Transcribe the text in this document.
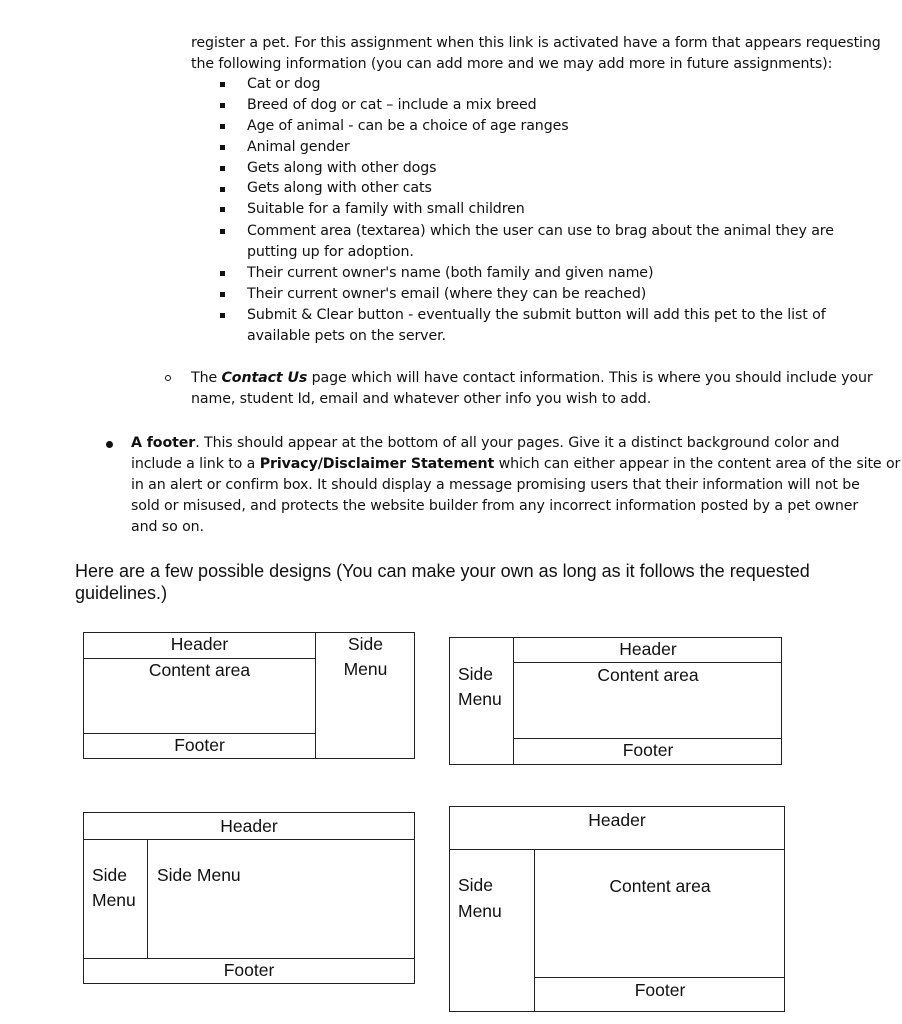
register a pet. For this assignment when this link is activated have a form that appears requesting
the following information (you can add more and we may add more in future assignments):
Cat or dog
Breed of dog or cat – include a mix breed
Age of animal - can be a choice of age ranges
Animal gender
Gets along with other dogs
Gets along with other cats
Suitable for a family with small children
Comment area (textarea) which the user can use to brag about the animal they are
putting up for adoption.
Their current owner's name (both family and given name)
Their current owner's email (where they can be reached)
Submit & Clear button - eventually the submit button will add this pet to the list of
available pets on the server.
The Contact Us page which will have contact information. This is where you should include your
name, student Id, email and whatever other info you wish to add.
A footer. This should appear at the bottom of all your pages. Give it a distinct background color and
include a link to a Privacy/Disclaimer Statement which can either appear in the content area of the site or
in an alert or confirm box. It should display a message promising users that their information will not be
sold or misused, and protects the website builder from any incorrect information posted by a pet owner
and so on.
Here are a few possible designs (You can make your own as long as it follows the requested
guidelines.)
Header
Content area
Footer
Side
Menu
Header
Content area
Footer
Side
Menu
Header
Side
Menu
Side Menu
Footer
Header
Side
Menu
Content area
Footer
